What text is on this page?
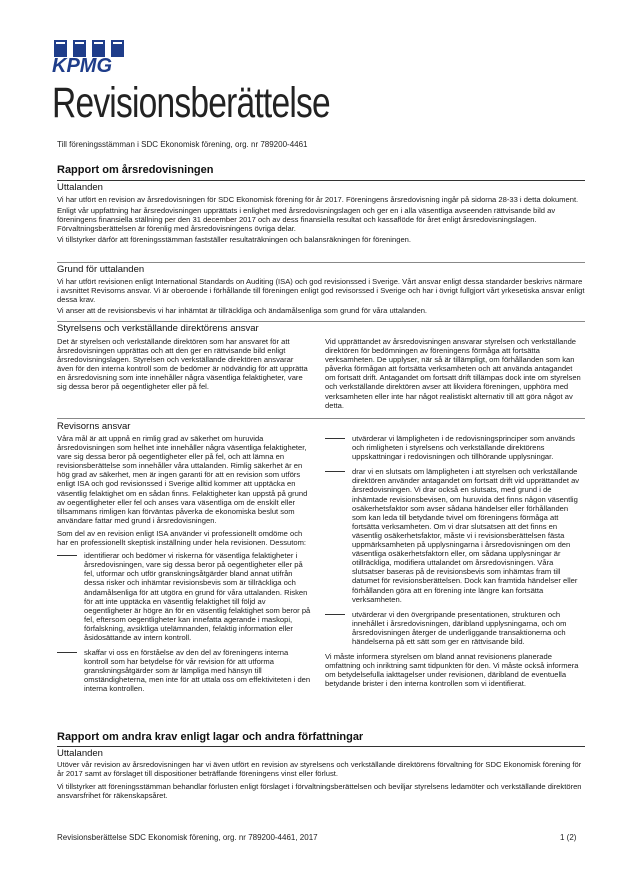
KPMG
Revisionsberättelse
Till föreningsstämman i SDC Ekonomisk förening, org. nr 789200-4461
Rapport om årsredovisningen
Uttalanden

Vi har utfört en revision av årsredovisningen för SDC Ekonomisk förening för år 2017. Föreningens årsredovisning ingår på sidorna 28-33 i detta dokument.

Enligt vår uppfattning har årsredovisningen upprättats i enlighet med årsredovisningslagen och ger en i alla väsentliga avseenden rättvisande bild av föreningens finansiella ställning per den 31 december 2017 och av dess finansiella resultat och kassaflöde för året enligt årsredovisningslagen. Förvaltningsberättelsen är förenlig med årsredovisningens övriga delar.

Vi tillstyrker därför att föreningsstämman fastställer resultaträkningen och balansräkningen för föreningen.

Grund för uttalanden

Vi har utfört revisionen enligt International Standards on Auditing (ISA) och god revisionssed i Sverige. Vårt ansvar enligt dessa standarder beskrivs närmare i avsnittet Revisorns ansvar. Vi är oberoende i förhållande till föreningen enligt god revisorssed i Sverige och har i övrigt fullgjort vårt yrkesetiska ansvar enligt dessa krav.

Vi anser att de revisionsbevis vi har inhämtat är tillräckliga och ändamålsenliga som grund för våra uttalanden.

Styrelsens och verkställande direktörens ansvar
Det är styrelsen och verkställande direktören som har ansvaret för att årsredovisningen upprättas och att den ger en rättvisande bild enligt årsredovisningslagen. Styrelsen och verkställande direktören ansvarar även för den interna kontroll som de bedömer är nödvändig för att upprätta en årsredovisning som inte innehåller några väsentliga felaktigheter, vare sig dessa beror på oegentligheter eller på fel.
Vid upprättandet av årsredovisningen ansvarar styrelsen och verkställande direktören för bedömningen av föreningens förmåga att fortsätta verksamheten. De upplyser, när så är tillämpligt, om förhållanden som kan påverka förmågan att fortsätta verksamheten och att använda antagandet om fortsatt drift. Antagandet om fortsatt drift tillämpas dock inte om styrelsen och verkställande direktören avser att likvidera föreningen, upphöra med verksamheten eller inte har något realistiskt alternativ till att göra något av detta.
Revisorns ansvar

Våra mål är att uppnå en rimlig grad av säkerhet om huruvida årsredovisningen som helhet inte innehåller några väsentliga felaktigheter, vare sig dessa beror på oegentligheter eller på fel, och att lämna en revisionsberättelse som innehåller våra uttalanden. Rimlig säkerhet är en hög grad av säkerhet, men är ingen garanti för att en revision som utförs enligt ISA och god revisionssed i Sverige alltid kommer att upptäcka en väsentlig felaktighet om en sådan finns. Felaktigheter kan uppstå på grund av oegentligheter eller fel och anses vara väsentliga om de enskilt eller tillsammans rimligen kan förväntas påverka de ekonomiska beslut som användare fattar med grund i årsredovisningen.

Som del av en revision enligt ISA använder vi professionellt omdöme och har en professionellt skeptisk inställning under hela revisionen. Dessutom:

identifierar och bedömer vi riskerna för väsentliga felaktigheter i årsredovisningen, vare sig dessa beror på oegentligheter eller på fel, utformar och utför granskningsåtgärder bland annat utifrån dessa risker och inhämtar revisionsbevis som är tillräckliga och ändamålsenliga för att utgöra en grund för våra uttalanden. Risken för att inte upptäcka en väsentlig felaktighet till följd av oegentligheter är högre än för en väsentlig felaktighet som beror på fel, eftersom oegentligheter kan innefatta agerande i maskopi, förfalskning, avsiktliga utelämnanden, felaktig information eller åsidosättande av intern kontroll.
skaffar vi oss en förståelse av den del av föreningens interna kontroll som har betydelse för vår revision för att utforma granskningsåtgärder som är lämpliga med hänsyn till omständigheterna, men inte för att uttala oss om effektiviteten i den interna kontrollen.
utvärderar vi lämpligheten i de redovisningsprinciper som används och rimligheten i styrelsens och verkställande direktörens uppskattningar i redovisningen och tillhörande upplysningar.
drar vi en slutsats om lämpligheten i att styrelsen och verkställande direktören använder antagandet om fortsatt drift vid upprättandet av årsredovisningen. Vi drar också en slutsats, med grund i de inhämtade revisionsbevisen, om huruvida det finns någon väsentlig osäkerhetsfaktor som avser sådana händelser eller förhållanden som kan leda till betydande tvivel om föreningens förmåga att fortsätta verksamheten. Om vi drar slutsatsen att det finns en väsentlig osäkerhetsfaktor, måste vi i revisionsberättelsen fästa uppmärksamheten på upplysningarna i årsredovisningen om den väsentliga osäkerhetsfaktorn eller, om sådana upplysningar är otillräckliga, modifiera uttalandet om årsredovisningen. Våra slutsatser baseras på de revisionsbevis som inhämtas fram till datumet för revisionsberättelsen. Dock kan framtida händelser eller förhållanden göra att en förening inte längre kan fortsätta verksamheten.
utvärderar vi den övergripande presentationen, strukturen och innehållet i årsredovisningen, däribland upplysningarna, och om årsredovisningen återger de underliggande transaktionerna och händelserna på ett sätt som ger en rättvisande bild.

Vi måste informera styrelsen om bland annat revisionens planerade omfattning och inriktning samt tidpunkten för den. Vi måste också informera om betydelsefulla iakttagelser under revisionen, däribland de eventuella betydande brister i den interna kontrollen som vi identifierat.

Rapport om andra krav enligt lagar och andra författningar
Uttalanden

Utöver vår revision av årsredovisningen har vi även utfört en revision av styrelsens och verkställande direktörens förvaltning för SDC Ekonomisk förening för år 2017 samt av förslaget till dispositioner beträffande föreningens vinst eller förlust.

Vi tillstyrker att föreningsstämman behandlar förlusten enligt förslaget i förvaltningsberättelsen och beviljar styrelsens ledamöter och verkställande direktören ansvarsfrihet för räkenskapsåret.

Revisionsberättelse SDC Ekonomisk förening, org. nr 789200-4461, 2017	1 (2)
